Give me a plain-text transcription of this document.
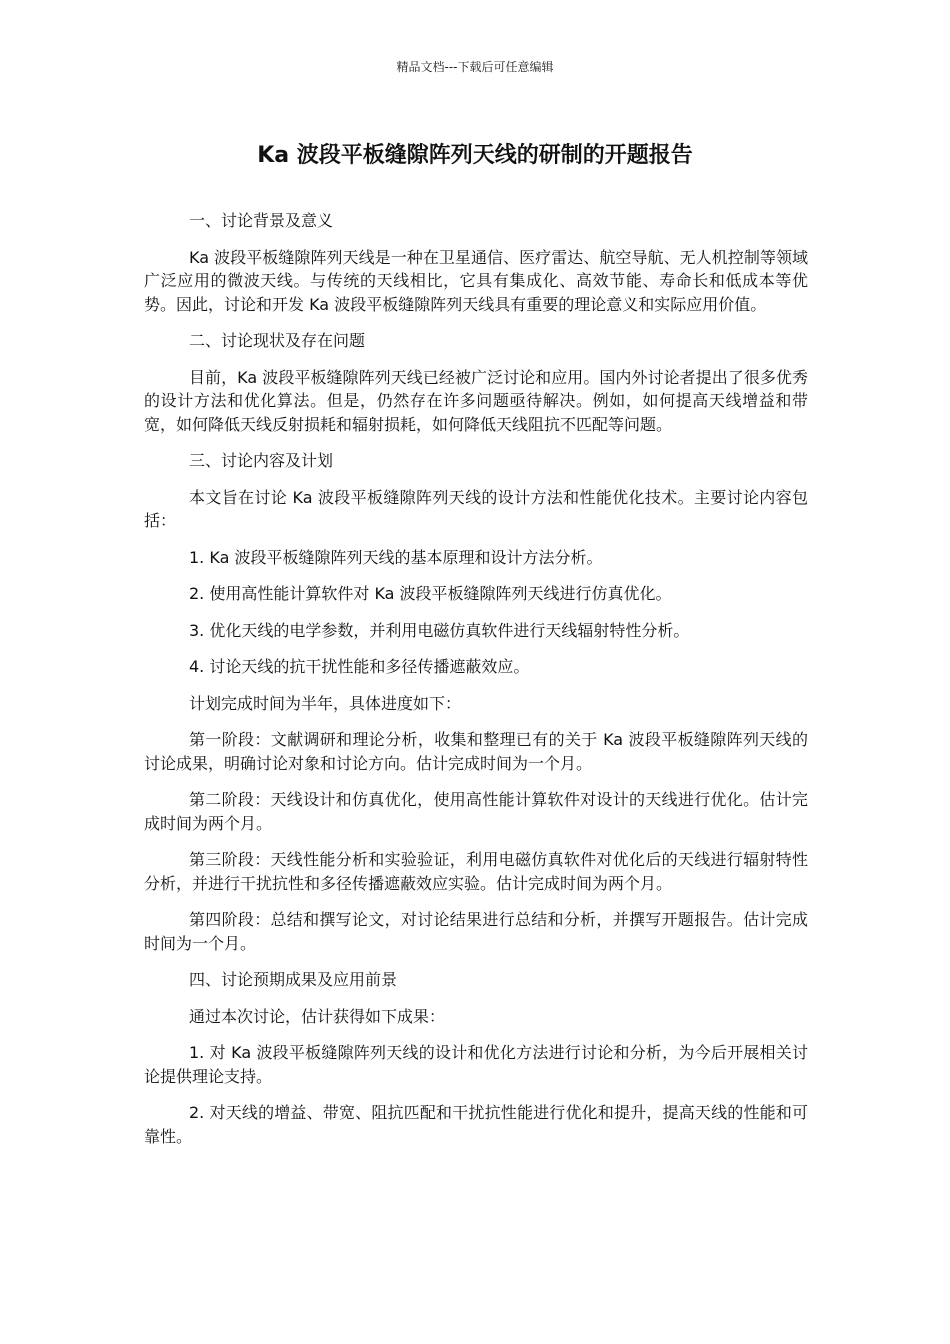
精品文档---下载后可任意编辑
Ka 波段平板缝隙阵列天线的研制的开题报告

一、讨论背景及意义

Ka 波段平板缝隙阵列天线是一种在卫星通信、医疗雷达、航空导航、无人机控制等领域广泛应用的微波天线。与传统的天线相比，它具有集成化、高效节能、寿命长和低成本等优势。因此，讨论和开发 Ka 波段平板缝隙阵列天线具有重要的理论意义和实际应用价值。

二、讨论现状及存在问题

目前，Ka 波段平板缝隙阵列天线已经被广泛讨论和应用。国内外讨论者提出了很多优秀的设计方法和优化算法。但是，仍然存在许多问题亟待解决。例如，如何提高天线增益和带宽，如何降低天线反射损耗和辐射损耗，如何降低天线阻抗不匹配等问题。

三、讨论内容及计划

本文旨在讨论 Ka 波段平板缝隙阵列天线的设计方法和性能优化技术。主要讨论内容包括：

1. Ka 波段平板缝隙阵列天线的基本原理和设计方法分析。

2. 使用高性能计算软件对 Ka 波段平板缝隙阵列天线进行仿真优化。

3. 优化天线的电学参数，并利用电磁仿真软件进行天线辐射特性分析。

4. 讨论天线的抗干扰性能和多径传播遮蔽效应。

计划完成时间为半年，具体进度如下：

第一阶段：文献调研和理论分析，收集和整理已有的关于 Ka 波段平板缝隙阵列天线的讨论成果，明确讨论对象和讨论方向。估计完成时间为一个月。

第二阶段：天线设计和仿真优化，使用高性能计算软件对设计的天线进行优化。估计完成时间为两个月。

第三阶段：天线性能分析和实验验证，利用电磁仿真软件对优化后的天线进行辐射特性分析，并进行干扰抗性和多径传播遮蔽效应实验。估计完成时间为两个月。

第四阶段：总结和撰写论文，对讨论结果进行总结和分析，并撰写开题报告。估计完成时间为一个月。

四、讨论预期成果及应用前景

通过本次讨论，估计获得如下成果：

1. 对 Ka 波段平板缝隙阵列天线的设计和优化方法进行讨论和分析，为今后开展相关讨论提供理论支持。

2. 对天线的增益、带宽、阻抗匹配和干扰抗性能进行优化和提升，提高天线的性能和可靠性。
